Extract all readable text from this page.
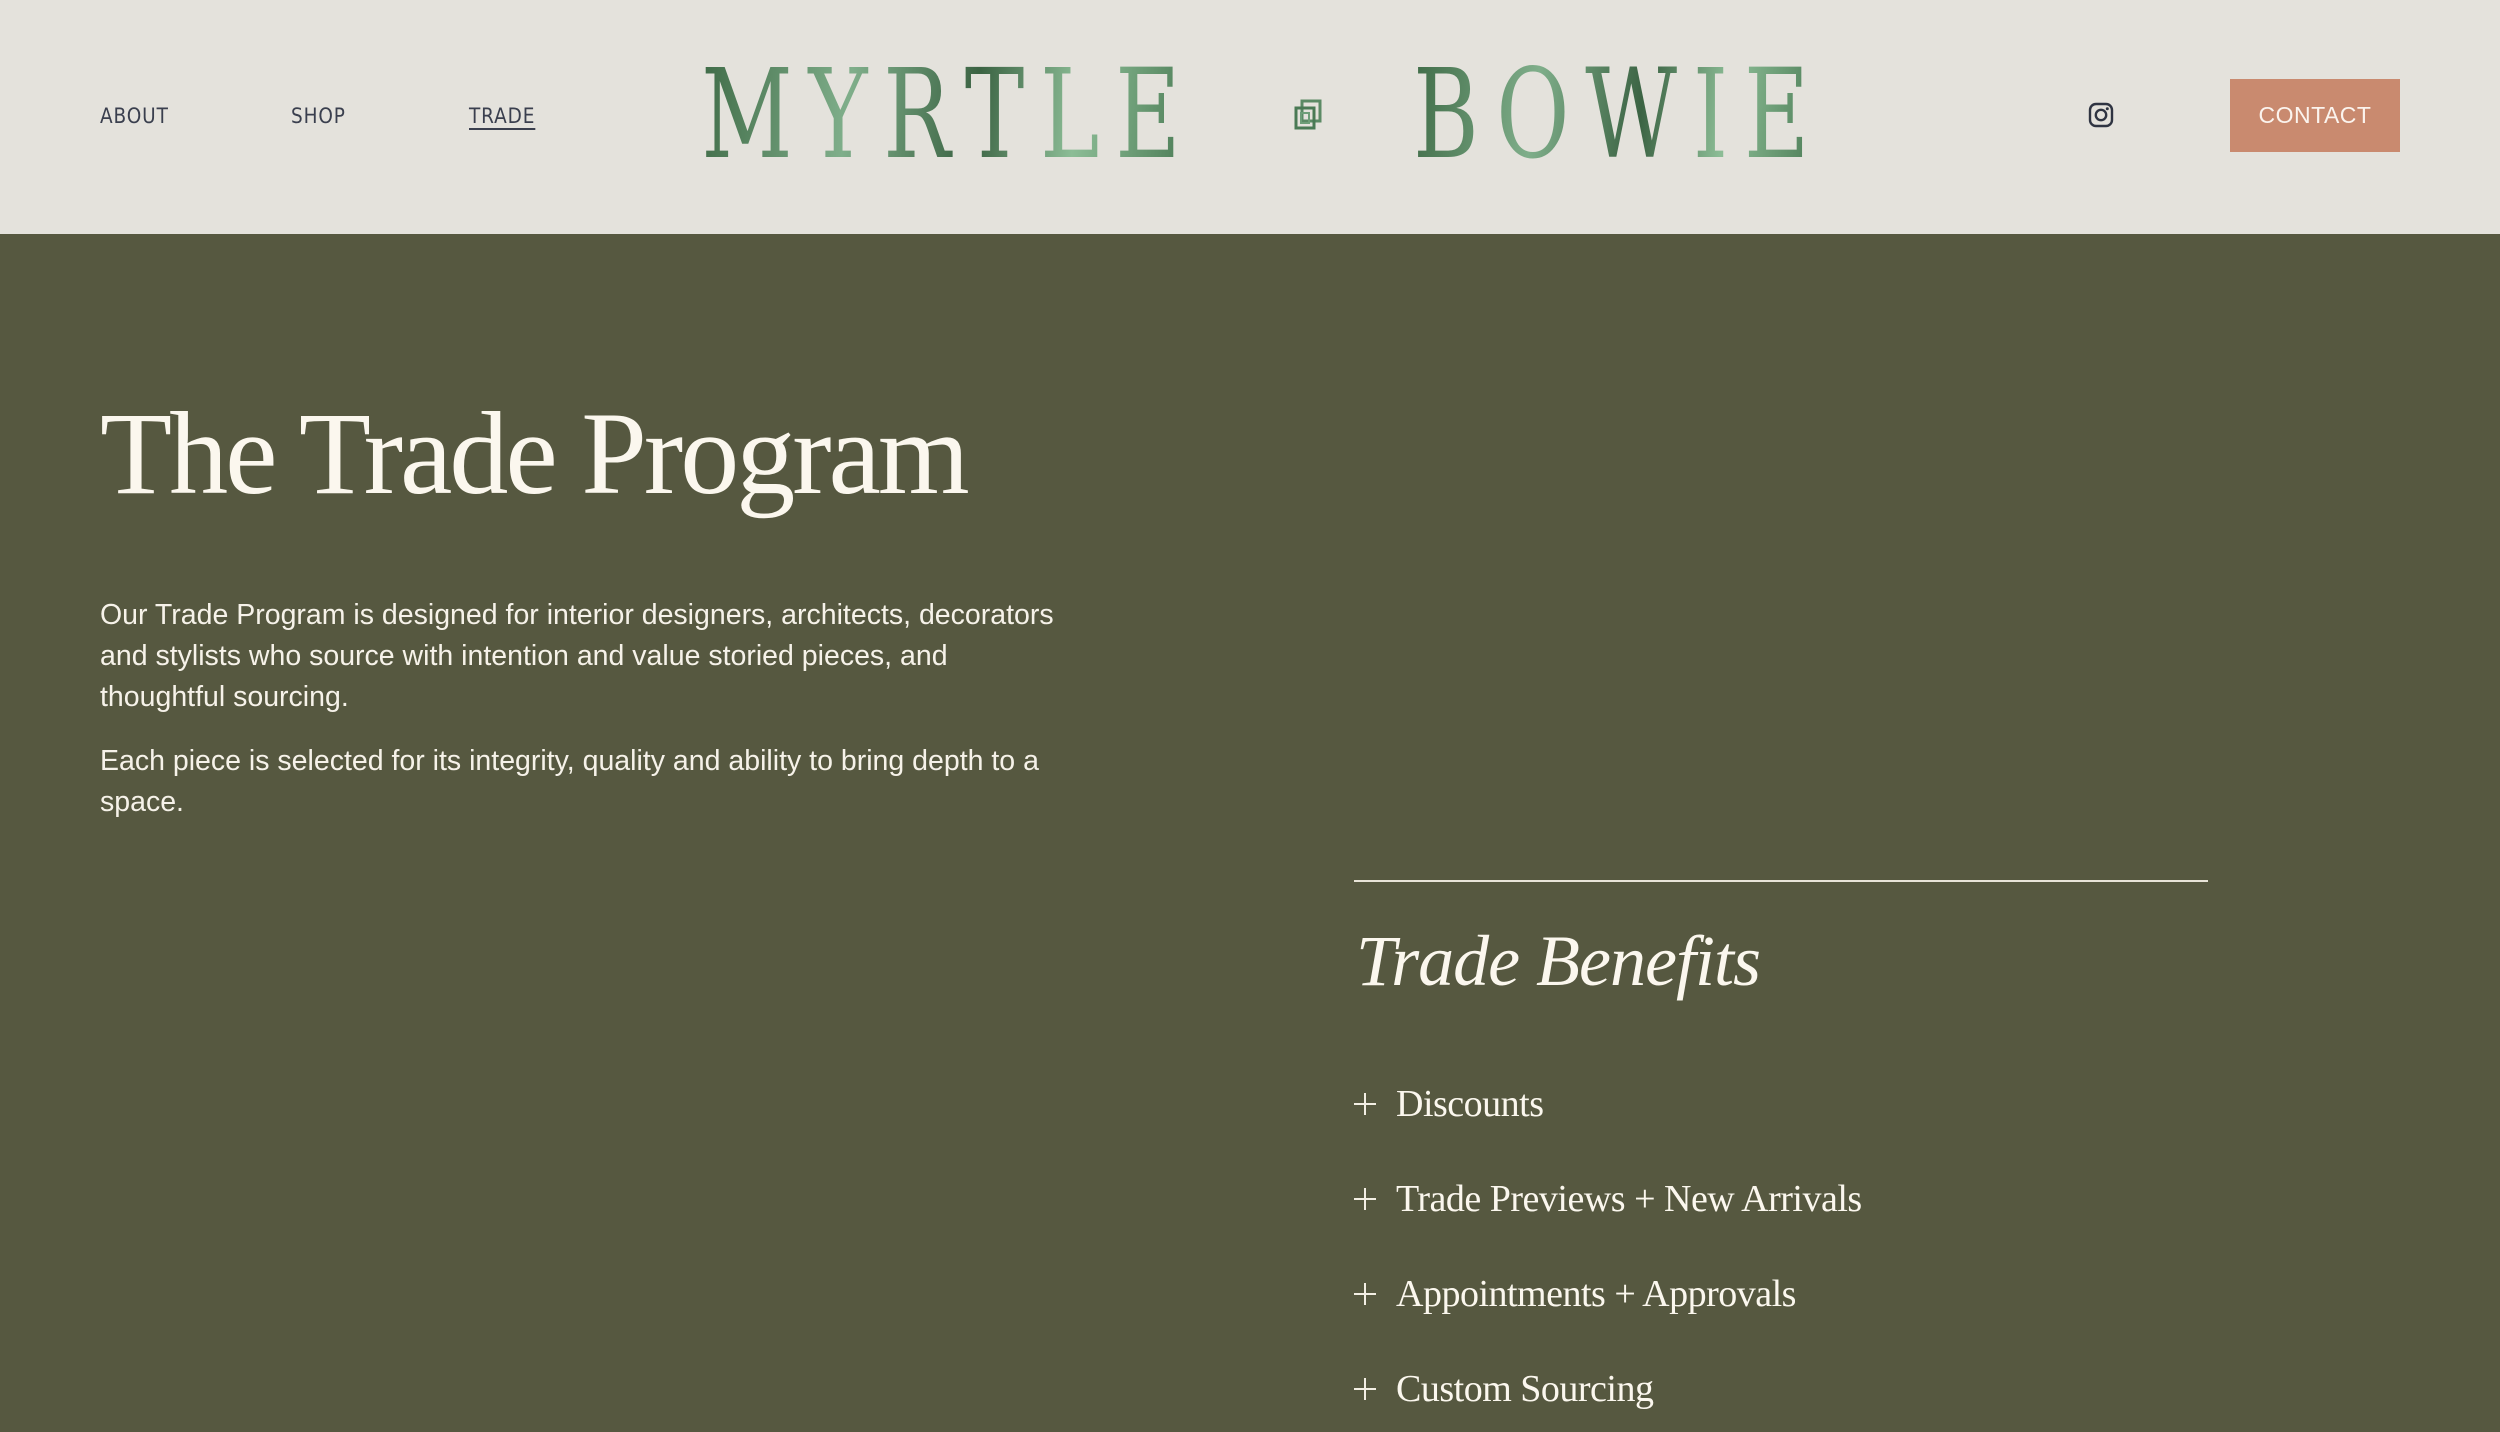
ABOUT	SHOP	TRADE MYRTLE BOWIE	CONTACT
The Trade Program

Our Trade Program is designed for interior designers, architects, decorators and stylists who source with intention and value storied pieces, and thoughtful sourcing.

Each piece is selected for its integrity, quality and ability to bring depth to a space.

Trade Benefits
Discounts
Trade Previews + New Arrivals
Appointments + Approvals
Custom Sourcing
